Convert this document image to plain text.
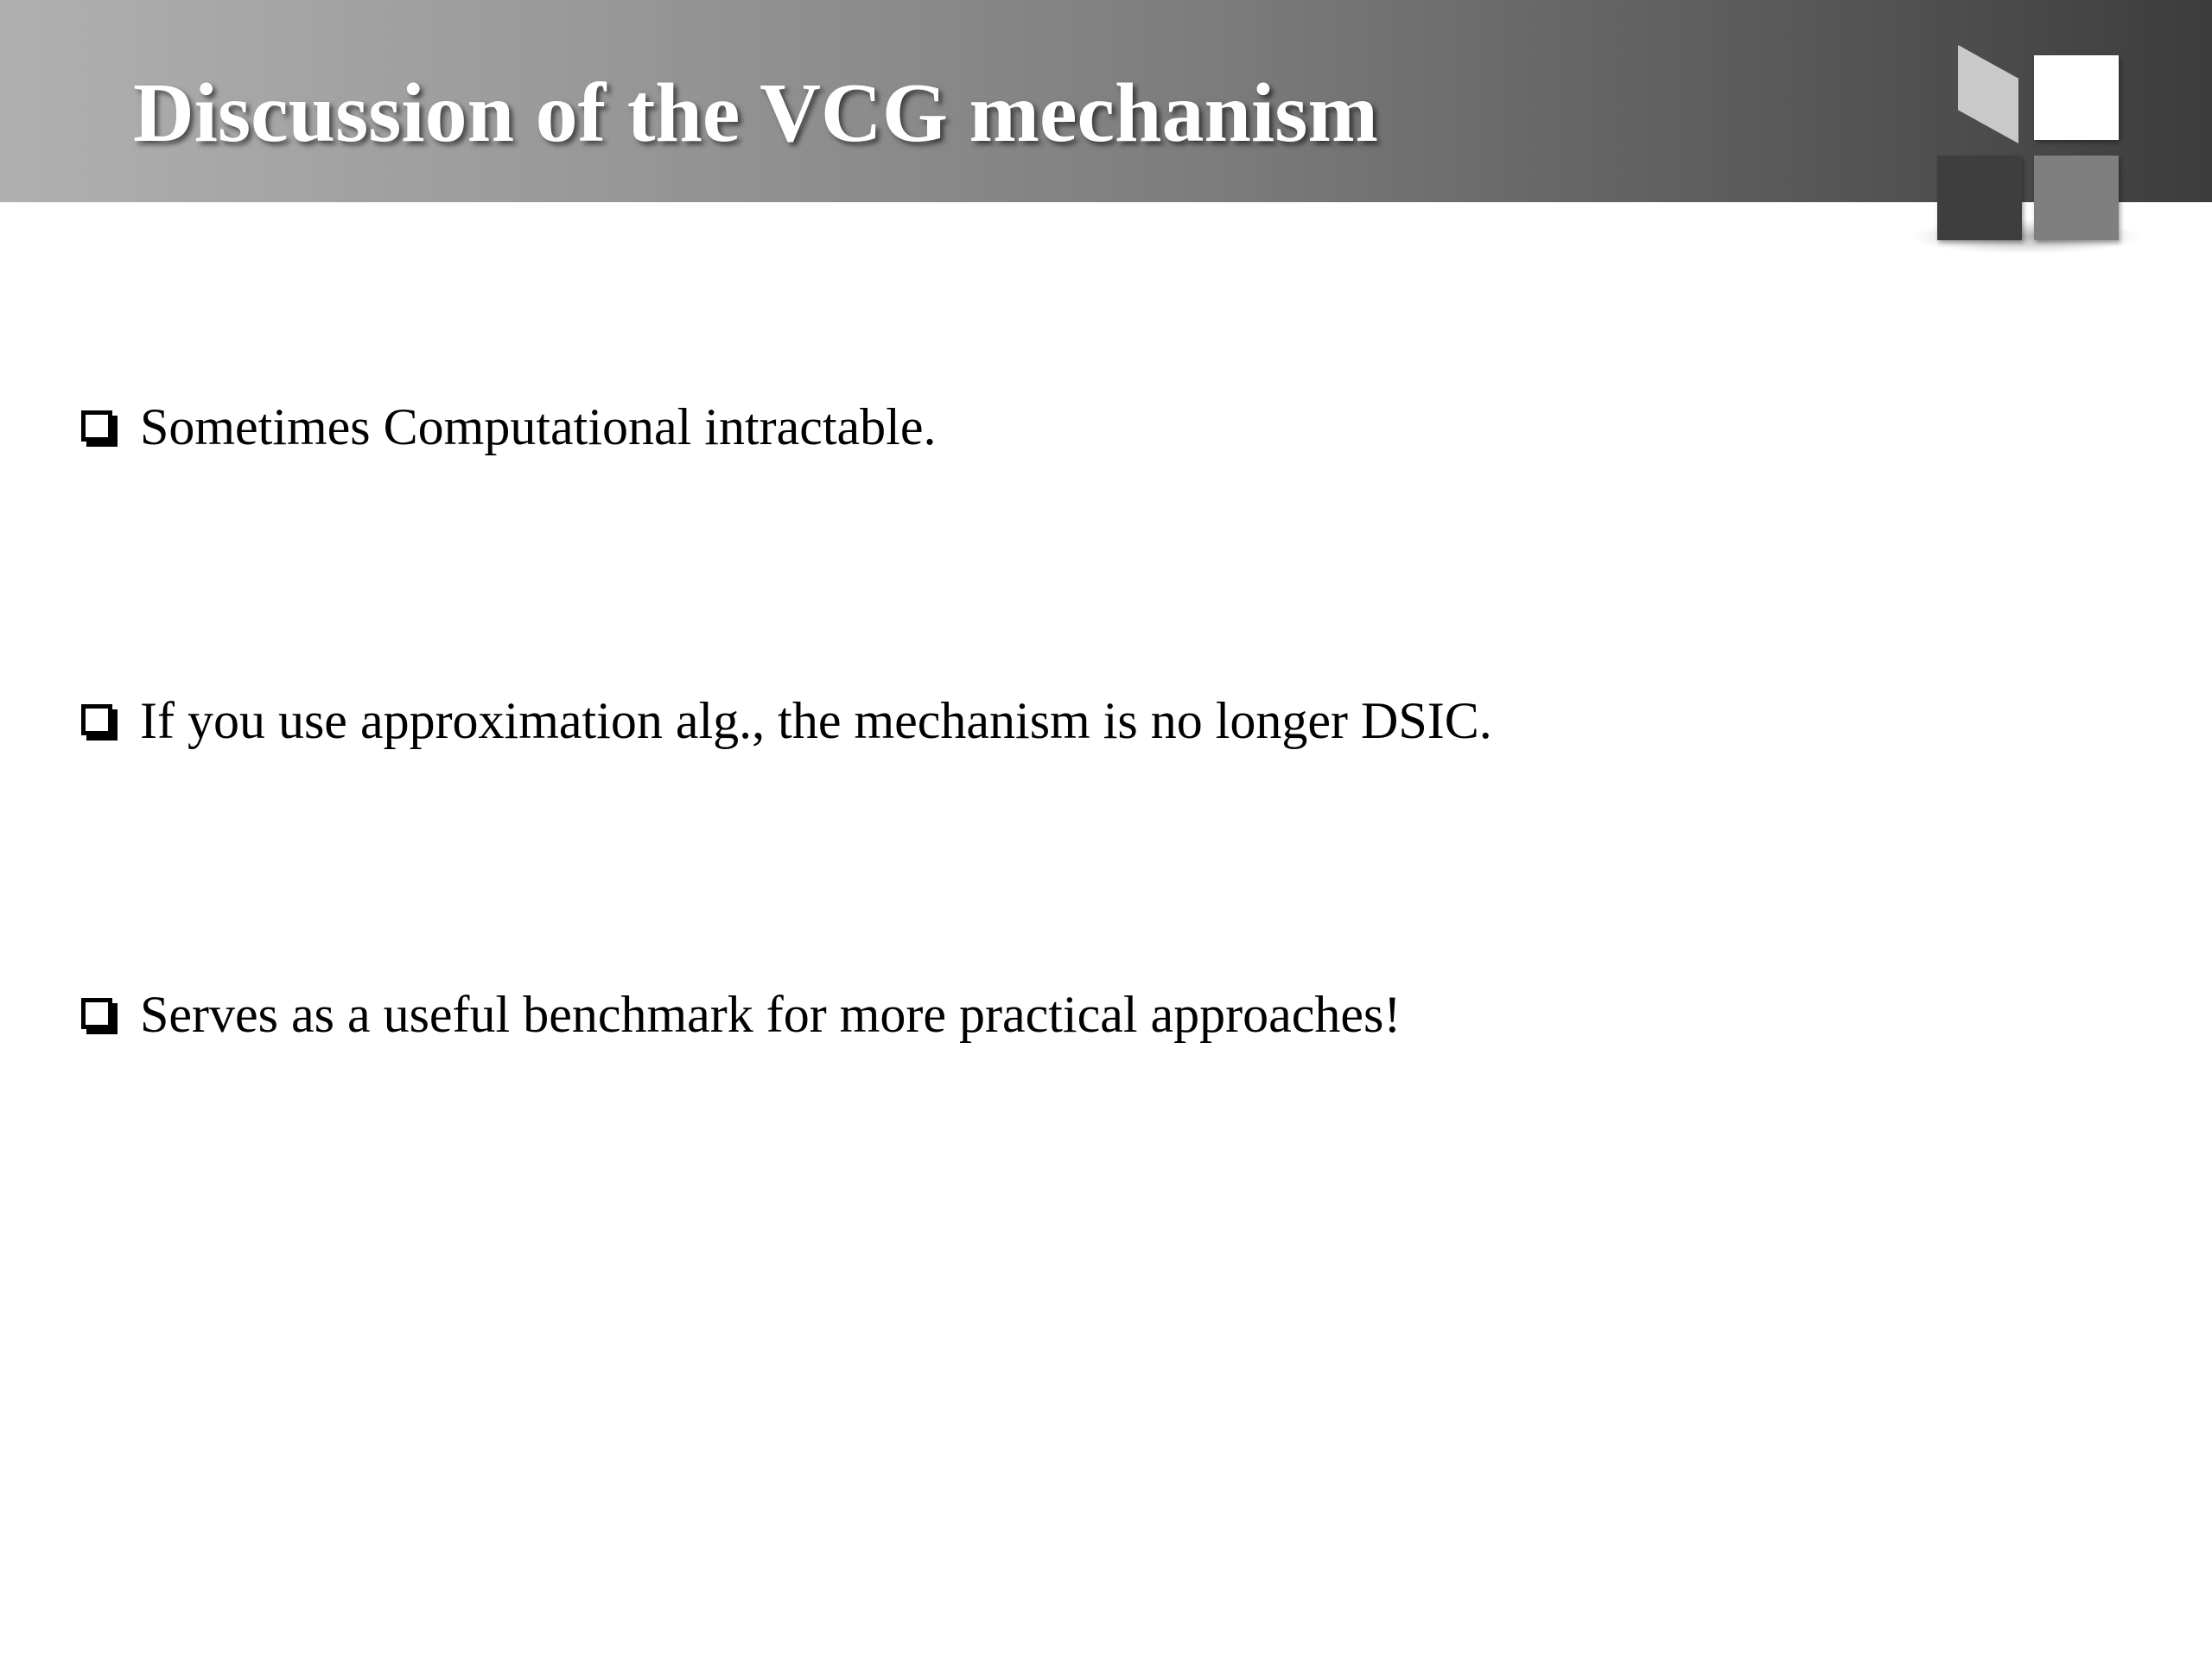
Discussion of the VCG mechanism
Sometimes Computational intractable.
If you use approximation alg., the mechanism is no longer DSIC.
Serves as a useful benchmark for more practical approaches!
